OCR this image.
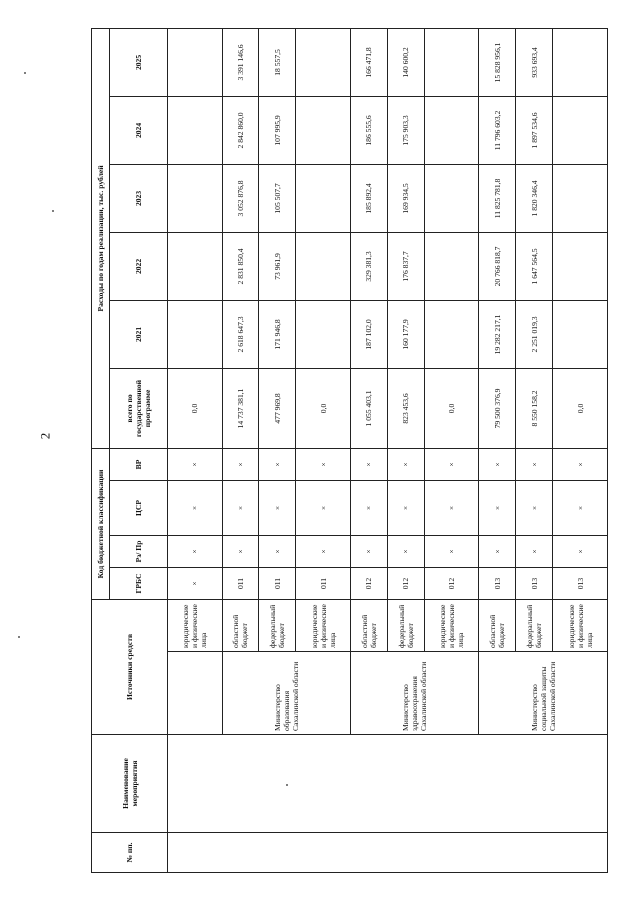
2
№ пп.	Наименование мероприятия	Источники средств		Код бюджетной классификации				Расходы по годам реализации, тыс. рублей					
				ГРБС	Рз/ Пр	ЦСР	ВР	всего по государственной программе	2021	2022	2023	2024	2025
			юридические и физические лица	×	×	×	×	0,0					
		Министерство образования Сахалинской области	областной бюджет	011	×	×	×	14 737 381,1	2 618 647,3	2 831 850,4	3 052 876,8	2 842 860,0	3 391 146,6
			федеральный бюджет	011	×	×	×	477 969,8	171 946,8	73 961,9	105 507,7	107 995,9	18 557,5
			юридические и физические лица	011	×	×	×	0,0					
		Министерство здравоохранения Сахалинской области	областной бюджет	012	×	×	×	1 055 403,1	187 102,0	329 381,3	185 892,4	186 555,6	166 471,8
			федеральный бюджет	012	×	×	×	823 453,6	160 177,9	176 837,7	169 934,5	175 903,3	140 600,2
			юридические и физические лица	012	×	×	×	0,0					
		Министерство социальной защиты Сахалинской области	областной бюджет	013	×	×	×	79 500 376,9	19 282 217,1	20 766 818,7	11 825 781,8	11 796 603,2	15 828 956,1
			федеральный бюджет	013	×	×	×	8 550 158,2	2 251 019,3	1 647 564,5	1 820 346,4	1 897 534,6	933 693,4
			юридические и физические лица	013	×	×	×	0,0					
